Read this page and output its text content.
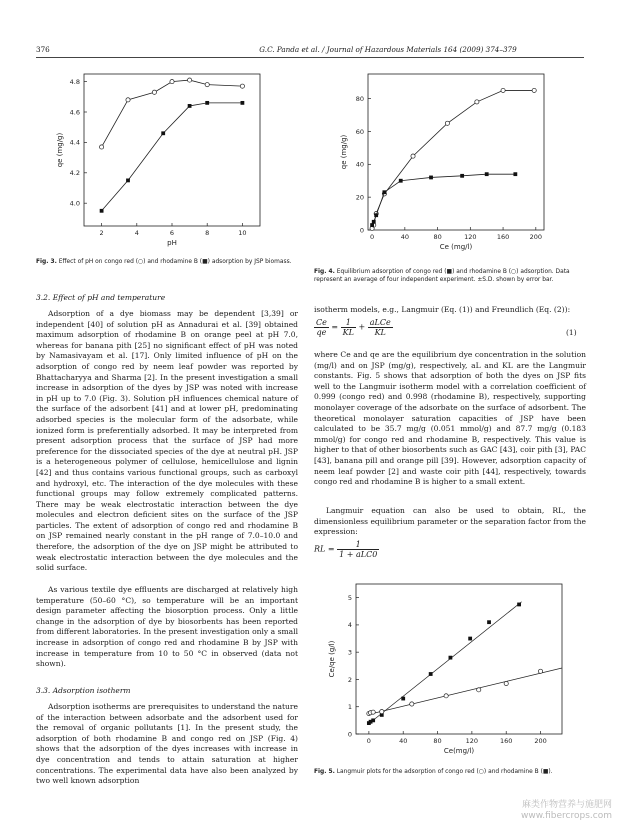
376	G.C. Panda et al. / Journal of Hazardous Materials 164 (2009) 374–379
2	4	6	8	10
4.0
4.2
4.4
4.6
4.8
pH
qe (mg/g)
Fig. 3. Effect of pH on congo red (○) and rhodamine B (■) adsorption by JSP biomass.
0	40	80	120	160	200
0
20
40
60
80
Ce (mg/l)
qe (mg/g)
Fig. 4. Equilibrium adsorption of congo red (■) and rhodamine B (○) adsorption. Data represent an average of four independent experiment. ±S.D. shown by error bar.
3.2. Effect of pH and temperature

Adsorption of a dye biomass may be dependent [3,39] or independent [40] of solution pH as Annadurai et al. [39] obtained maximum adsorption of rhodamine B on orange peel at pH 7.0, whereas for banana pith [25] no significant effect of pH was noted by Namasivayam et al. [17]. Only limited influence of pH on the adsorption of congo red by neem leaf powder was reported by Bhattacharyya and Sharma [2]. In the present investigation a small increase in adsorption of the dyes by JSP was noted with increase in pH up to 7.0 (Fig. 3). Solution pH influences chemical nature of the surface of the adsorbent [41] and at lower pH, predominating adsorbed species is the molecular form of the adsorbate, while ionized form is preferentially adsorbed. It may be interpreted from present adsorption process that the surface of JSP had more preference for the dissociated species of the dye at neutral pH. JSP is a heterogeneous polymer of cellulose, hemicellulose and lignin [42] and thus contains various functional groups, such as carboxyl and hydroxyl, etc. The interaction of the dye molecules with these functional groups may follow extremely complicated patterns. There may be weak electrostatic interaction between the dye molecules and electron deficient sites on the surface of the JSP particles. The extent of adsorption of congo red and rhodamine B on JSP remained nearly constant in the pH range of 7.0–10.0 and therefore, the adsorption of the dye on JSP might be attributed to weak electrostatic interaction between the dye molecules and the solid surface.

As various textile dye effluents are discharged at relatively high temperature (50–60 °C), so temperature will be an important design parameter affecting the biosorption process. Only a little change in the adsorption of dye by biosorbents has been reported from different laboratories. In the present investigation only a small increase in adsorption of congo red and rhodamine B by JSP with increase in temperature from 10 to 50 °C in observed (data not shown).

3.3. Adsorption isotherm

Adsorption isotherms are prerequisites to understand the nature of the interaction between adsorbate and the adsorbent used for the removal of organic pollutants [1]. In the present study, the adsorption of both rhodamine B and congo red on JSP (Fig. 4) shows that the adsorption of the dyes increases with increase in dye concentration and tends to attain saturation at higher concentrations. The experimental data have also been analyzed by two well known adsorption

isotherm models, e.g., Langmuir (Eq. (1)) and Freundlich (Eq. (2)):

$\frac{Ce}{qe} = \frac{1}{KL} + \frac{\text{aLCe}}{KL}$	(1)

where Ce and qe are the equilibrium dye concentration in the solution (mg/l) and on JSP (mg/g), respectively, aL and KL are the Langmuir constants. Fig. 5 shows that adsorption of both the dyes on JSP fits well to the Langmuir isotherm model with a correlation coefficient of 0.999 (congo red) and 0.998 (rhodamine B), respectively, supporting monolayer coverage of the adsorbate on the surface of adsorbent. The theoretical monolayer saturation capacities of JSP have been calculated to be 35.7 mg/g (0.051 mmol/g) and 87.7 mg/g (0.183 mmol/g) for congo red and rhodamine B, respectively. This value is higher to that of other biosorbents such as GAC [43], coir pith [3], PAC [43], banana pill and orange pill [39]. However, adsorption capacity of neem leaf powder [2] and waste coir pith [44], respectively, towards congo red and rhodamine B is higher to a small extent.

Langmuir equation can also be used to obtain, RL, the dimensionless equilibrium parameter or the separation factor from the expression:

RL = $\frac{1}{\text{1 + aLC0}}$
0	40	80	120	160	200
0
1
2
3
4
5
Ce(mg/l)
Ce/qe (g/l)
Fig. 5. Langmuir plots for the adsorption of congo red (○) and rhodamine B (■).
麻类作物营养与施肥网
www.fibercrops.com
